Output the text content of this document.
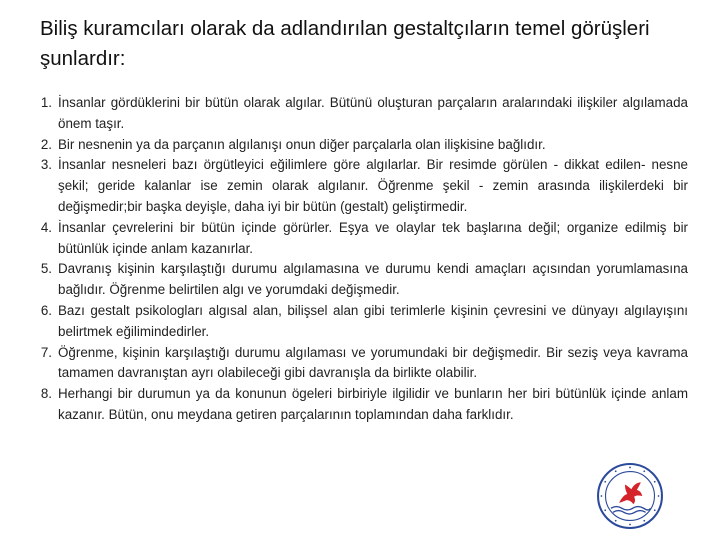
Biliş kuramcıları olarak da adlandırılan gestaltçıların temel görüşleri şunlardır:
1. İnsanlar gördüklerini bir bütün olarak algılar. Bütünü oluşturan parçaların aralarındaki ilişkiler algılamada önem taşır.
2. Bir nesnenin ya da parçanın algılanışı onun diğer parçalarla olan ilişkisine bağlıdır.
3. İnsanlar nesneleri bazı örgütleyici eğilimlere göre algılarlar. Bir resimde görülen - dikkat edilen- nesne şekil; geride kalanlar ise zemin olarak algılanır. Öğrenme şekil - zemin arasında ilişkilerdeki bir değişmedir;bir başka deyişle, daha iyi bir bütün (gestalt) geliştirmedir.
4. İnsanlar çevrelerini bir bütün içinde görürler. Eşya ve olaylar tek başlarına değil; organize edilmiş bir bütünlük içinde anlam kazanırlar.
5. Davranış kişinin karşılaştığı durumu algılamasına ve durumu kendi amaçları açısından yorumlamasına bağlıdır. Öğrenme belirtilen algı ve yorumdaki değişmedir.
6. Bazı gestalt psikologları algısal alan, bilişsel alan gibi terimlerle kişinin çevresini ve dünyayı algılayışını belirtmek eğilimindedirler.
7. Öğrenme, kişinin karşılaştığı durumu algılaması ve yorumundaki bir değişmedir. Bir seziş veya kavrama tamamen davranıştan ayrı olabileceği gibi davranışla da birlikte olabilir.
8. Herhangi bir durumun ya da konunun ögeleri birbiriyle ilgilidir ve bunların her biri bütünlük içinde anlam kazanır. Bütün, onu meydana getiren parçalarının toplamından daha farklıdır.
